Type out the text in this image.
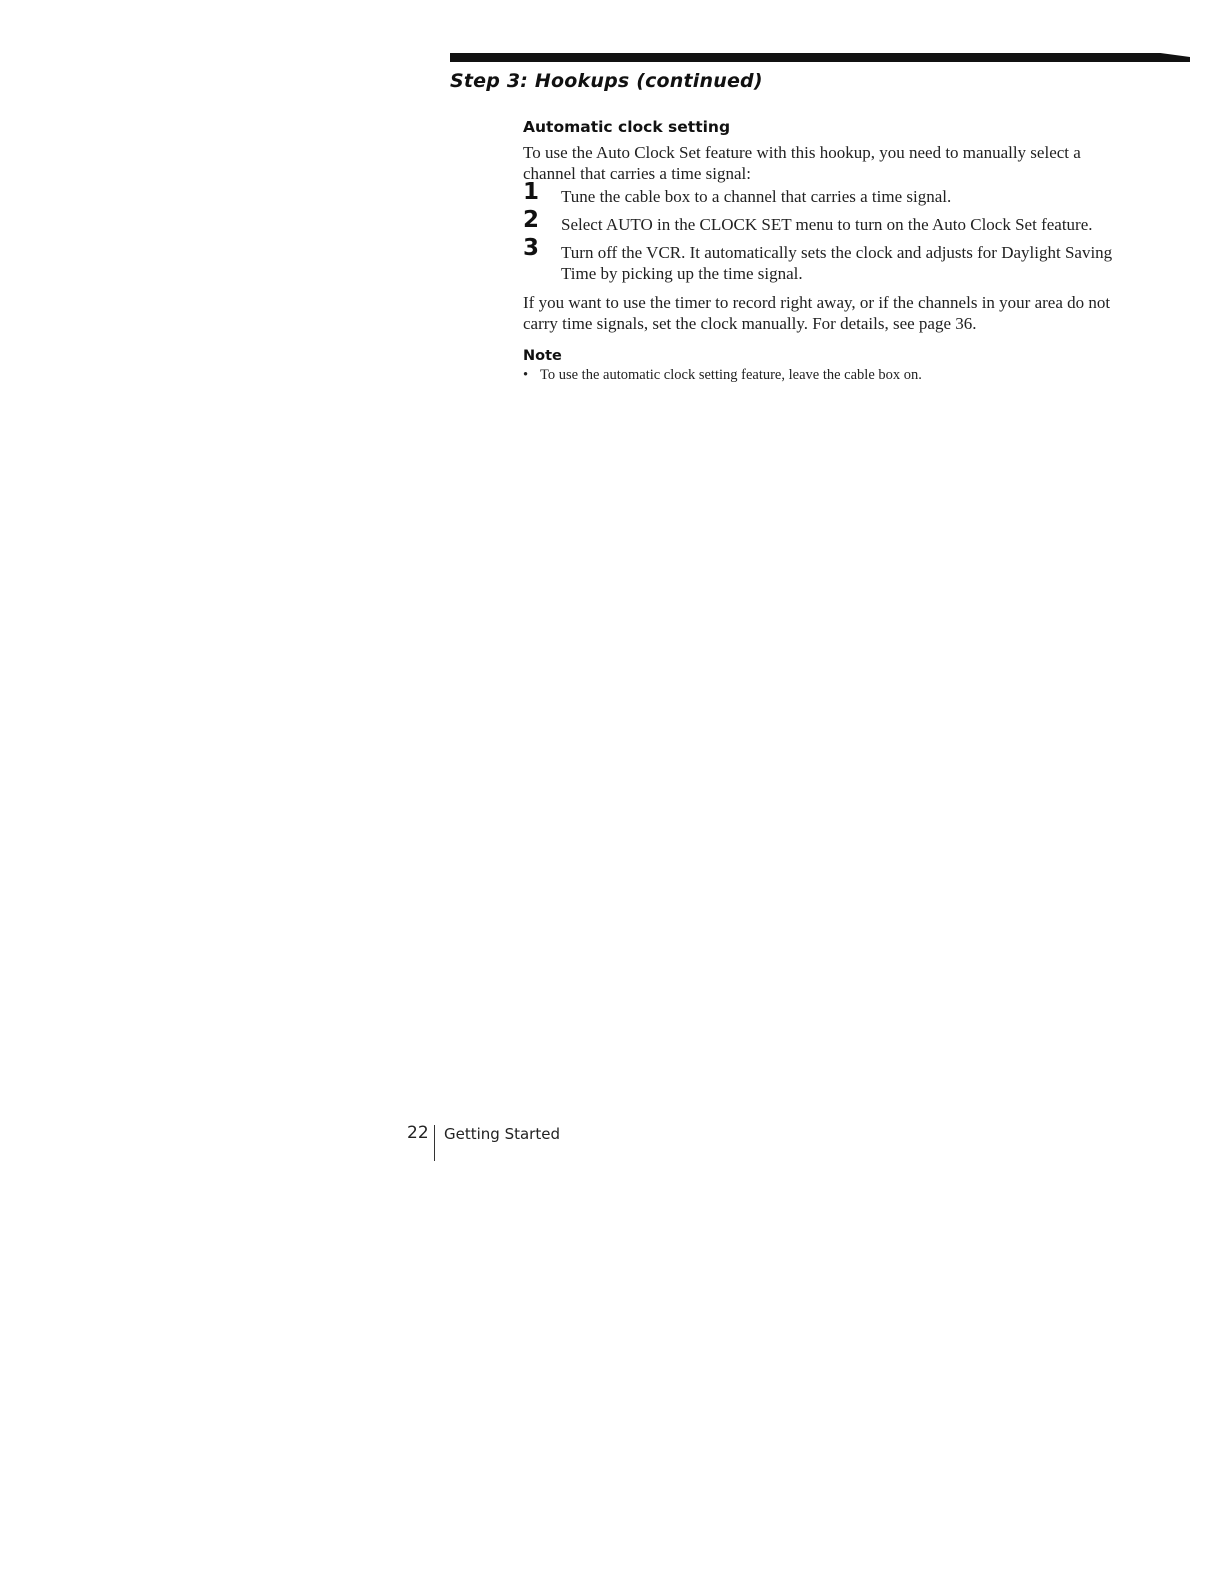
Step 3: Hookups (continued)
Automatic clock setting

To use the Auto Clock Set feature with this hookup, you need to manually select a channel that carries a time signal:

1	Tune the cable box to a channel that carries a time signal.
2	Select AUTO in the CLOCK SET menu to turn on the Auto Clock Set feature.
3	Turn off the VCR. It automatically sets the clock and adjusts for Daylight Saving Time by picking up the time signal.

If you want to use the timer to record right away, or if the channels in your area do not carry time signals, set the clock manually. For details, see page 36.

Note
• To use the automatic clock setting feature, leave the cable box on.
22 Getting Started
